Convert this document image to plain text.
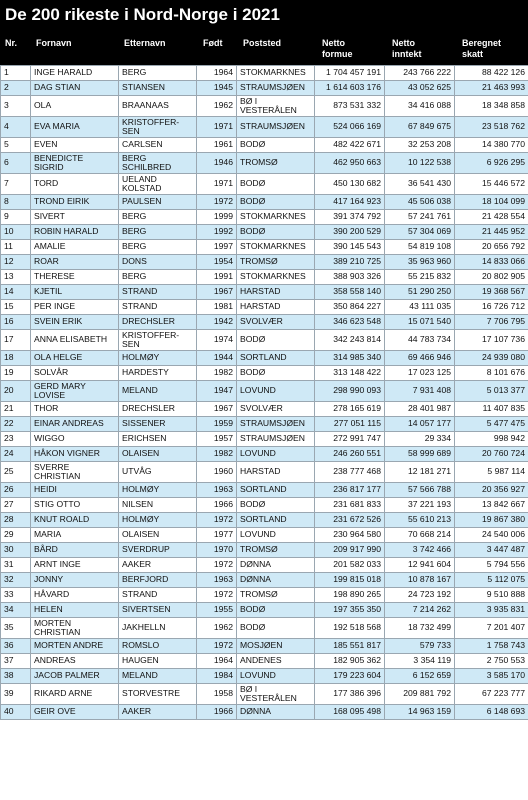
De 200 rikeste i Nord-Norge i 2021
Nr. Fornavn	Etternavn	Født Poststed	Netto
formue
Netto
inntekt
Beregnet
skatt
1	INGE HARALD	BERG	1964	STOKMARKNES	1 704 457 191	243 766 222	88 422 126
2	DAG STIAN	STIANSEN	1945	STRAUMSJØEN	1 614 603 176	43 052 625	21 463 993
3	OLA	BRAANAAS	1962	BØ I VESTERÅLEN	873 531 332	34 416 088	18 348 858
4	EVA MARIA	KRISTOFFER-SEN	1971	STRAUMSJØEN	524 066 169	67 849 675	23 518 762
5	EVEN	CARLSEN	1961	BODØ	482 422 671	32 253 208	14 380 770
6	BENEDICTE SIGRID	BERG SCHILBRED	1946	TROMSØ	462 950 663	10 122 538	6 926 295
7	TORD	UELAND KOLSTAD	1971	BODØ	450 130 682	36 541 430	15 446 572
8	TROND EIRIK	PAULSEN	1972	BODØ	417 164 923	45 506 038	18 104 099
9	SIVERT	BERG	1999	STOKMARKNES	391 374 792	57 241 761	21 428 554
10	ROBIN HARALD	BERG	1992	BODØ	390 200 529	57 304 069	21 445 952
11	AMALIE	BERG	1997	STOKMARKNES	390 145 543	54 819 108	20 656 792
12	ROAR	DONS	1954	TROMSØ	389 210 725	35 963 960	14 833 066
13	THERESE	BERG	1991	STOKMARKNES	388 903 326	55 215 832	20 802 905
14	KJETIL	STRAND	1967	HARSTAD	358 558 140	51 290 250	19 368 567
15	PER INGE	STRAND	1981	HARSTAD	350 864 227	43 111 035	16 726 712
16	SVEIN ERIK	DRECHSLER	1942	SVOLVÆR	346 623 548	15 071 540	7 706 795
17	ANNA ELISABETH	KRISTOFFER-SEN	1974	BODØ	342 243 814	44 783 734	17 107 736
18	OLA HELGE	HOLMØY	1944	SORTLAND	314 985 340	69 466 946	24 939 080
19	SOLVÅR	HARDESTY	1982	BODØ	313 148 422	17 023 125	8 101 676
20	GERD MARY LOVISE	MELAND	1947	LOVUND	298 990 093	7 931 408	5 013 377
21	THOR	DRECHSLER	1967	SVOLVÆR	278 165 619	28 401 987	11 407 835
22	EINAR ANDREAS	SISSENER	1959	STRAUMSJØEN	277 051 115	14 057 177	5 477 475
23	WIGGO	ERICHSEN	1957	STRAUMSJØEN	272 991 747	29 334	998 942
24	HÅKON VIGNER	OLAISEN	1982	LOVUND	246 260 551	58 999 689	20 760 724
25	SVERRE CHRISTIAN	UTVÅG	1960	HARSTAD	238 777 468	12 181 271	5 987 114
26	HEIDI	HOLMØY	1963	SORTLAND	236 817 177	57 566 788	20 356 927
27	STIG OTTO	NILSEN	1966	BODØ	231 681 833	37 221 193	13 842 667
28	KNUT ROALD	HOLMØY	1972	SORTLAND	231 672 526	55 610 213	19 867 380
29	MARIA	OLAISEN	1977	LOVUND	230 964 580	70 668 214	24 540 006
30	BÅRD	SVERDRUP	1970	TROMSØ	209 917 990	3 742 466	3 447 487
31	ARNT INGE	AAKER	1972	DØNNA	201 582 033	12 941 604	5 794 556
32	JONNY	BERFJORD	1963	DØNNA	199 815 018	10 878 167	5 112 075
33	HÅVARD	STRAND	1972	TROMSØ	198 890 265	24 723 192	9 510 888
34	HELEN	SIVERTSEN	1955	BODØ	197 355 350	7 214 262	3 935 831
35	MORTEN CHRISTIAN	JAKHELLN	1962	BODØ	192 518 568	18 732 499	7 201 407
36	MORTEN ANDRE	ROMSLO	1972	MOSJØEN	185 551 817	579 733	1 758 743
37	ANDREAS	HAUGEN	1964	ANDENES	182 905 362	3 354 119	2 750 553
38	JACOB PALMER	MELAND	1984	LOVUND	179 223 604	6 152 659	3 585 170
39	RIKARD ARNE	STORVESTRE	1958	BØ I VESTERÅLEN	177 386 396	209 881 792	67 223 777
40	GEIR OVE	AAKER	1966	DØNNA	168 095 498	14 963 159	6 148 693
